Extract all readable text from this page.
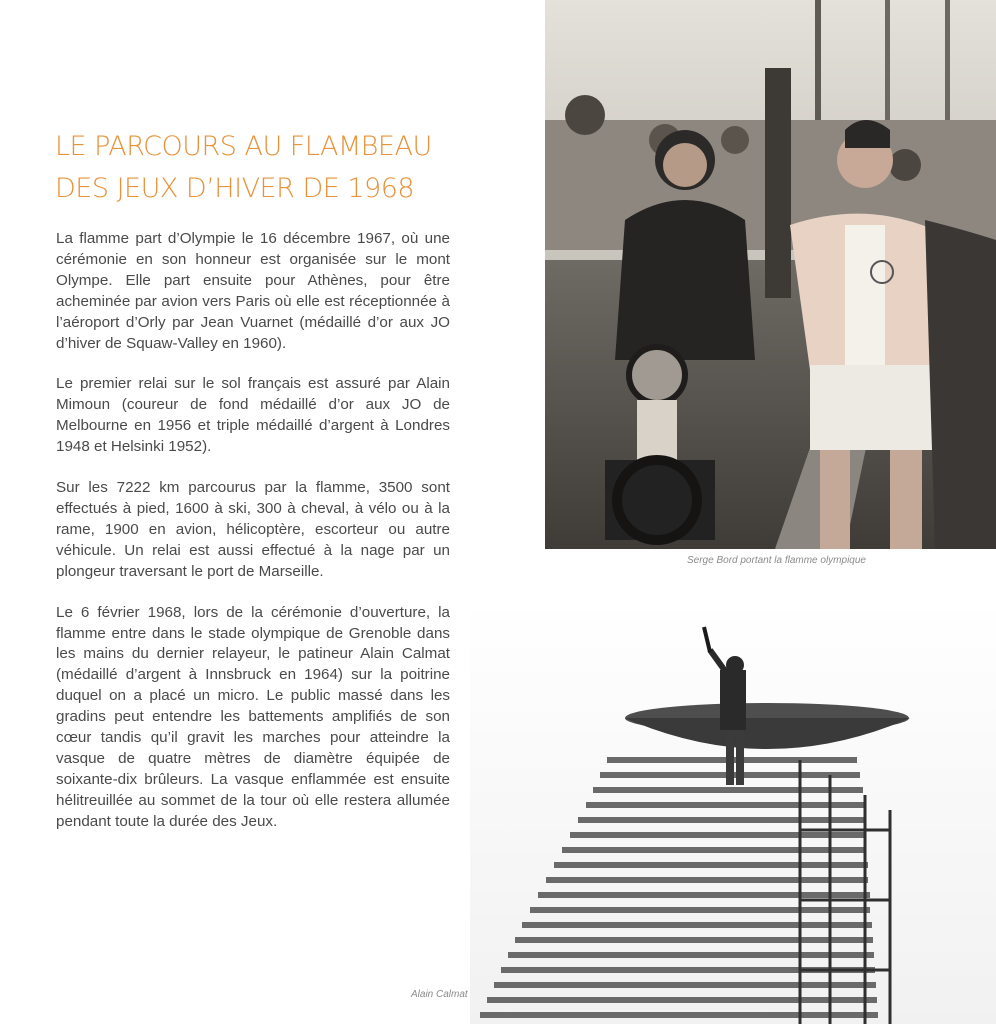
LE PARCOURS AU FLAMBEAU
DES JEUX D’HIVER DE 1968

La flamme part d’Olympie le 16 décembre 1967, où une cérémonie en son honneur est organisée sur le mont Olympe. Elle part ensuite pour Athènes, pour être acheminée par avion vers Paris où elle est réceptionnée à l’aéroport d’Orly par Jean Vuarnet (médaillé d’or aux JO d’hiver de Squaw-Valley en 1960).

Le premier relai sur le sol français est assuré par Alain Mimoun (coureur de fond médaillé d’or aux JO de Melbourne en 1956 et triple médaillé d’argent à Londres 1948 et Helsinki 1952).

Sur les 7222 km parcourus par la flamme, 3500 sont effectués à pied, 1600 à ski, 300 à cheval, à vélo ou à la rame, 1900 en avion, hélicoptère, escorteur ou autre véhicule. Un relai est aussi effectué à la nage par un plongeur traversant le port de Marseille.

Le 6 février 1968, lors de la cérémonie d’ouverture, la flamme entre dans le stade olympique de Grenoble dans les mains du dernier relayeur, le patineur Alain Calmat (médaillé d’argent à Innsbruck en 1964) sur la poitrine duquel on a placé un micro. Le public massé dans les gradins peut entendre les battements amplifiés de son cœur tandis qu’il gravit les marches pour atteindre la vasque de quatre mètres de diamètre équipée de soixante-dix brûleurs. La vasque enflammée est ensuite hélitreuillée au sommet de la tour où elle restera allumée pendant toute la durée des Jeux.

Serge Bord portant la flamme olympique
Alain Calmat
